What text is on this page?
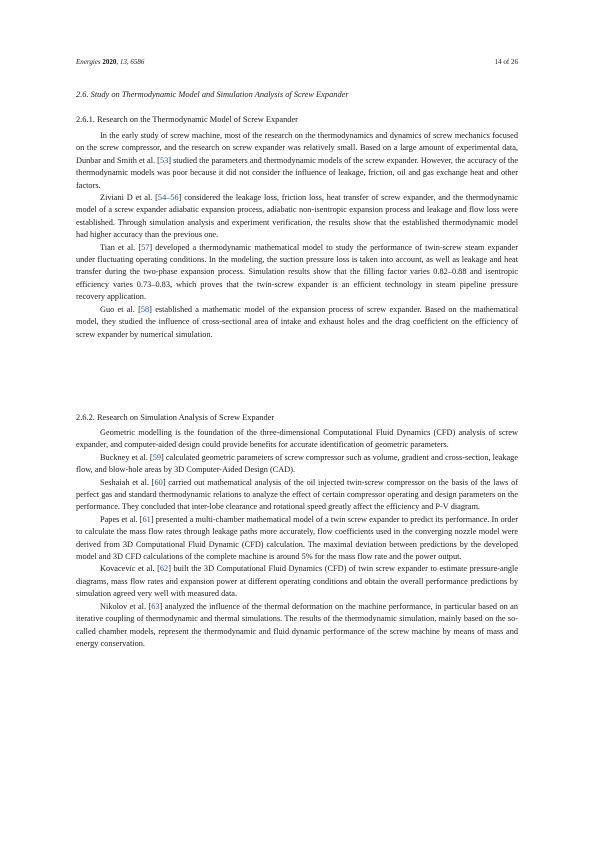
Energies 2020, 13, 6586	14 of 26
2.6. Study on Thermodynamic Model and Simulation Analysis of Screw Expander
2.6.1. Research on the Thermodynamic Model of Screw Expander

In the early study of screw machine, most of the research on the thermodynamics and dynamics of screw mechanics focused on the screw compressor, and the research on screw expander was relatively small. Based on a large amount of experimental data, Dunbar and Smith et al. [53] studied the parameters and thermodynamic models of the screw expander. However, the accuracy of the thermodynamic models was poor because it did not consider the influence of leakage, friction, oil and gas exchange heat and other factors.

Ziviani D et al. [54–56] considered the leakage loss, friction loss, heat transfer of screw expander, and the thermodynamic model of a screw expander adiabatic expansion process, adiabatic non-isentropic expansion process and leakage and flow loss were established. Through simulation analysis and experiment verification, the results show that the established thermodynamic model had higher accuracy than the previous one.

Tian et al. [57] developed a thermodynamic mathematical model to study the performance of twin-screw steam expander under fluctuating operating conditions. In the modeling, the suction pressure loss is taken into account, as well as leakage and heat transfer during the two-phase expansion process. Simulation results show that the filling factor varies 0.82–0.88 and isentropic efficiency varies 0.73–0.83, which proves that the twin-screw expander is an efficient technology in steam pipeline pressure recovery application.

Guo et al. [58] established a mathematic model of the expansion process of screw expander. Based on the mathematical model, they studied the influence of cross-sectional area of intake and exhaust holes and the drag coefficient on the efficiency of screw expander by numerical simulation.

2.6.2. Research on Simulation Analysis of Screw Expander

Geometric modelling is the foundation of the three-dimensional Computational Fluid Dynamics (CFD) analysis of screw expander, and computer-aided design could provide benefits for accurate identification of geometric parameters.

Buckney et al. [59] calculated geometric parameters of screw compressor such as volume, gradient and cross-section, leakage flow, and blow-hole areas by 3D Computer-Aided Design (CAD).

Seshaiah et al. [60] carried out mathematical analysis of the oil injected twin-screw compressor on the basis of the laws of perfect gas and standard thermodynamic relations to analyze the effect of certain compressor operating and design parameters on the performance. They concluded that inter-lobe clearance and rotational speed greatly affect the efficiency and P-V diagram.

Papes et al. [61] presented a multi-chamber mathematical model of a twin screw expander to predict its performance. In order to calculate the mass flow rates through leakage paths more accurately, flow coefficients used in the converging nozzle model were derived from 3D Computational Fluid Dynamic (CFD) calculation. The maximal deviation between predictions by the developed model and 3D CFD calculations of the complete machine is around 5% for the mass flow rate and the power output.

Kovacevic et al. [62] built the 3D Computational Fluid Dynamics (CFD) of twin screw expander to estimate pressure-angle diagrams, mass flow rates and expansion power at different operating conditions and obtain the overall performance predictions by simulation agreed very well with measured data.

Nikolov et al. [63] analyzed the influence of the thermal deformation on the machine performance, in particular based on an iterative coupling of thermodynamic and thermal simulations. The results of the thermodynamic simulation, mainly based on the so-called chamber models, represent the thermodynamic and fluid dynamic performance of the screw machine by means of mass and energy conservation.
